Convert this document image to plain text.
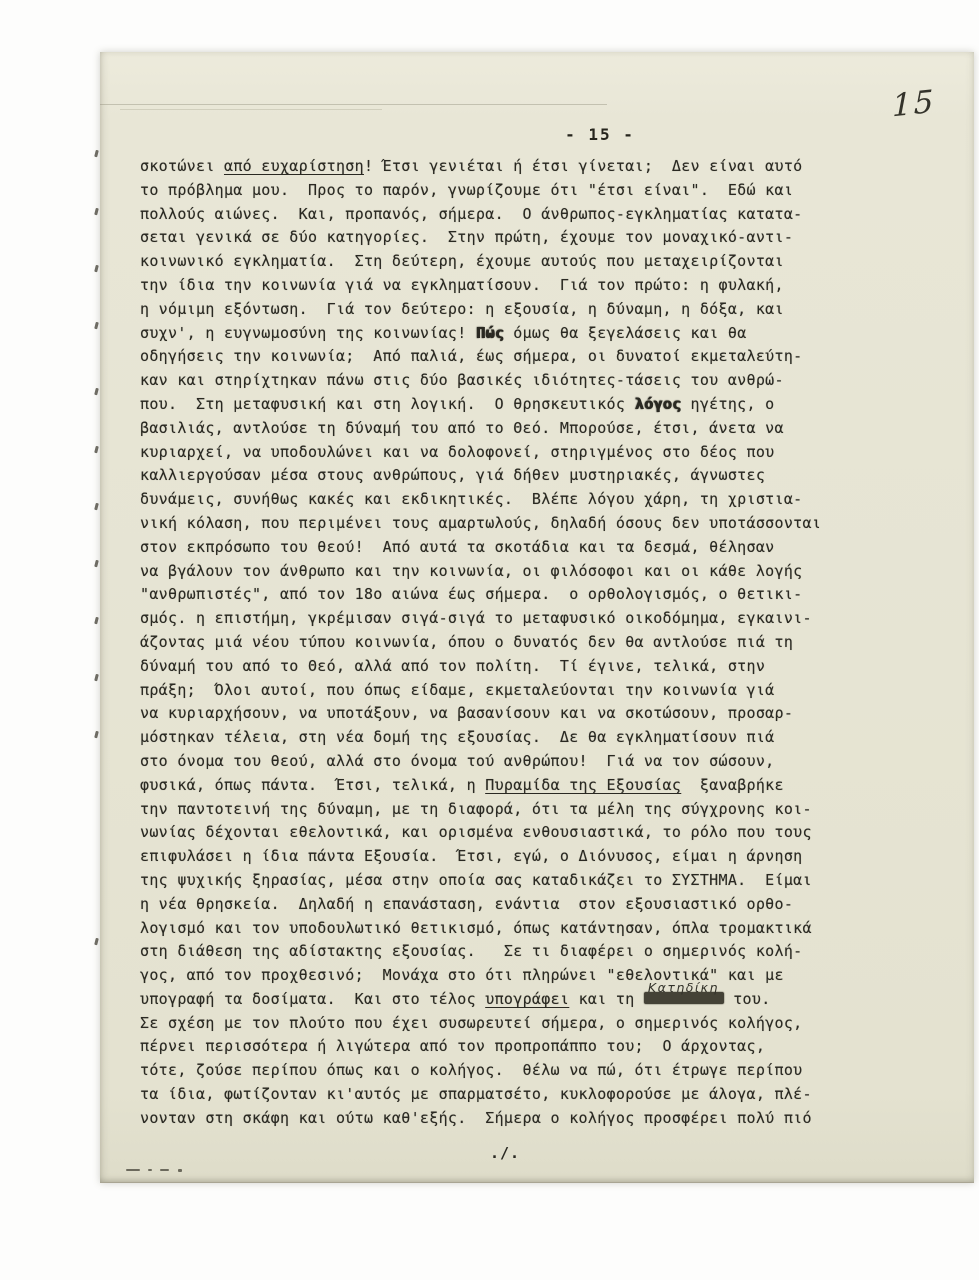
15
- 15 -
σκοτώνει από ευχαρίστηση! Έτσι γενιέται ή έτσι γίνεται;  Δεν είναι αυτό
το πρόβλημα μου.  Προς το παρόν, γνωρίζουμε ότι "έτσι είναι".  Εδώ και
πολλούς αιώνες.  Και, προπανός, σήμερα.  Ο άνθρωπος-εγκληματίας κατατα-
σεται γενικά σε δύο κατηγορίες.  Στην πρώτη, έχουμε τον μοναχικό-αντι-
κοινωνικό εγκληματία.  Στη δεύτερη, έχουμε αυτούς που μεταχειρίζονται
την ίδια την κοινωνία γιά να εγκληματίσουν.  Γιά τον πρώτο: η φυλακή,
η νόμιμη εξόντωση.  Γιά τον δεύτερο: η εξουσία, η δύναμη, η δόξα, και
συχν', η ευγνωμοσύνη της κοινωνίας! Πώς όμως θα ξεγελάσεις και θα
οδηγήσεις την κοινωνία;  Από παλιά, έως σήμερα, οι δυνατοί εκμεταλεύτη-
καν και στηρίχτηκαν πάνω στις δύο βασικές ιδιότητες-τάσεις του ανθρώ-
που.  Στη μεταφυσική και στη λογική.  Ο θρησκευτικός λόγος ηγέτης, ο
βασιλιάς, αντλούσε τη δύναμή του από το Θεό. Μπορούσε, έτσι, άνετα να
κυριαρχεί, να υποδουλώνει και να δολοφονεί, στηριγμένος στο δέος που
καλλιεργούσαν μέσα στους ανθρώπους, γιά δήθεν μυστηριακές, άγνωστες
δυνάμεις, συνήθως κακές και εκδικητικές.  Βλέπε λόγου χάρη, τη χριστια-
νική κόλαση, που περιμένει τους αμαρτωλούς, δηλαδή όσους δεν υποτάσσονται
στον εκπρόσωπο του θεού!  Από αυτά τα σκοτάδια και τα δεσμά, θέλησαν
να βγάλουν τον άνθρωπο και την κοινωνία, οι φιλόσοφοι και οι κάθε λογής
"ανθρωπιστές", από τον 18ο αιώνα έως σήμερα.  ο ορθολογισμός, ο θετικι-
σμός. η επιστήμη, γκρέμισαν σιγά-σιγά το μεταφυσικό οικοδόμημα, εγκαινι-
άζοντας μιά νέου τύπου κοινωνία, όπου ο δυνατός δεν θα αντλούσε πιά τη
δύναμή του από το Θεό, αλλά από τον πολίτη.  Τί έγινε, τελικά, στην
πράξη;  Όλοι αυτοί, που όπως είδαμε, εκμεταλεύονται την κοινωνία γιά
να κυριαρχήσουν, να υποτάξουν, να βασανίσουν και να σκοτώσουν, προσαρ-
μόστηκαν τέλεια, στη νέα δομή της εξουσίας.  Δε θα εγκληματίσουν πιά
στο όνομα του θεού, αλλά στο όνομα τού ανθρώπου!  Γιά να τον σώσουν,
φυσικά, όπως πάντα.  Έτσι, τελικά, η Πυραμίδα της Εξουσίας  ξαναβρήκε
την παντοτεινή της δύναμη, με τη διαφορά, ότι τα μέλη της σύγχρονης κοι-
νωνίας δέχονται εθελοντικά, και ορισμένα ενθουσιαστικά, το ρόλο που τους
επιφυλάσει η ίδια πάντα Εξουσία.  Έτσι, εγώ, ο Διόνυσος, είμαι η άρνηση
της ψυχικής ξηρασίας, μέσα στην οποία σας καταδικάζει το ΣΥΣΤΗΜΑ.  Είμαι
η νέα θρησκεία.  Δηλαδή η επανάσταση, ενάντια  στον εξουσιαστικό ορθο-
λογισμό και τον υποδουλωτικό θετικισμό, όπως κατάντησαν, όπλα τρομακτικά
στη διάθεση της αδίστακτης εξουσίας.   Σε τι διαφέρει ο σημερινός κολή-
γος, από τον προχθεσινό;  Μονάχα στο ότι πληρώνει "εθελοντικά" και με
υπογραφή τα δοσίματα.  Και στο τέλος υπογράφει και τη
Κατηδίκη
του.
Σε σχέση με τον πλούτο που έχει συσωρευτεί σήμερα, ο σημερινός κολήγος,
πέρνει περισσότερα ή λιγώτερα από τον προπροπάππο του;  Ο άρχοντας,
τότε, ζούσε περίπου όπως και ο κολήγος.  θέλω να πώ, ότι έτρωγε περίπου
τα ίδια, φωτίζονταν κι'αυτός με σπαρματσέτο, κυκλοφορούσε με άλογα, πλέ-
νονταν στη σκάφη και ούτω καθ'εξής.  Σήμερα ο κολήγος προσφέρει πολύ πιό
./.
